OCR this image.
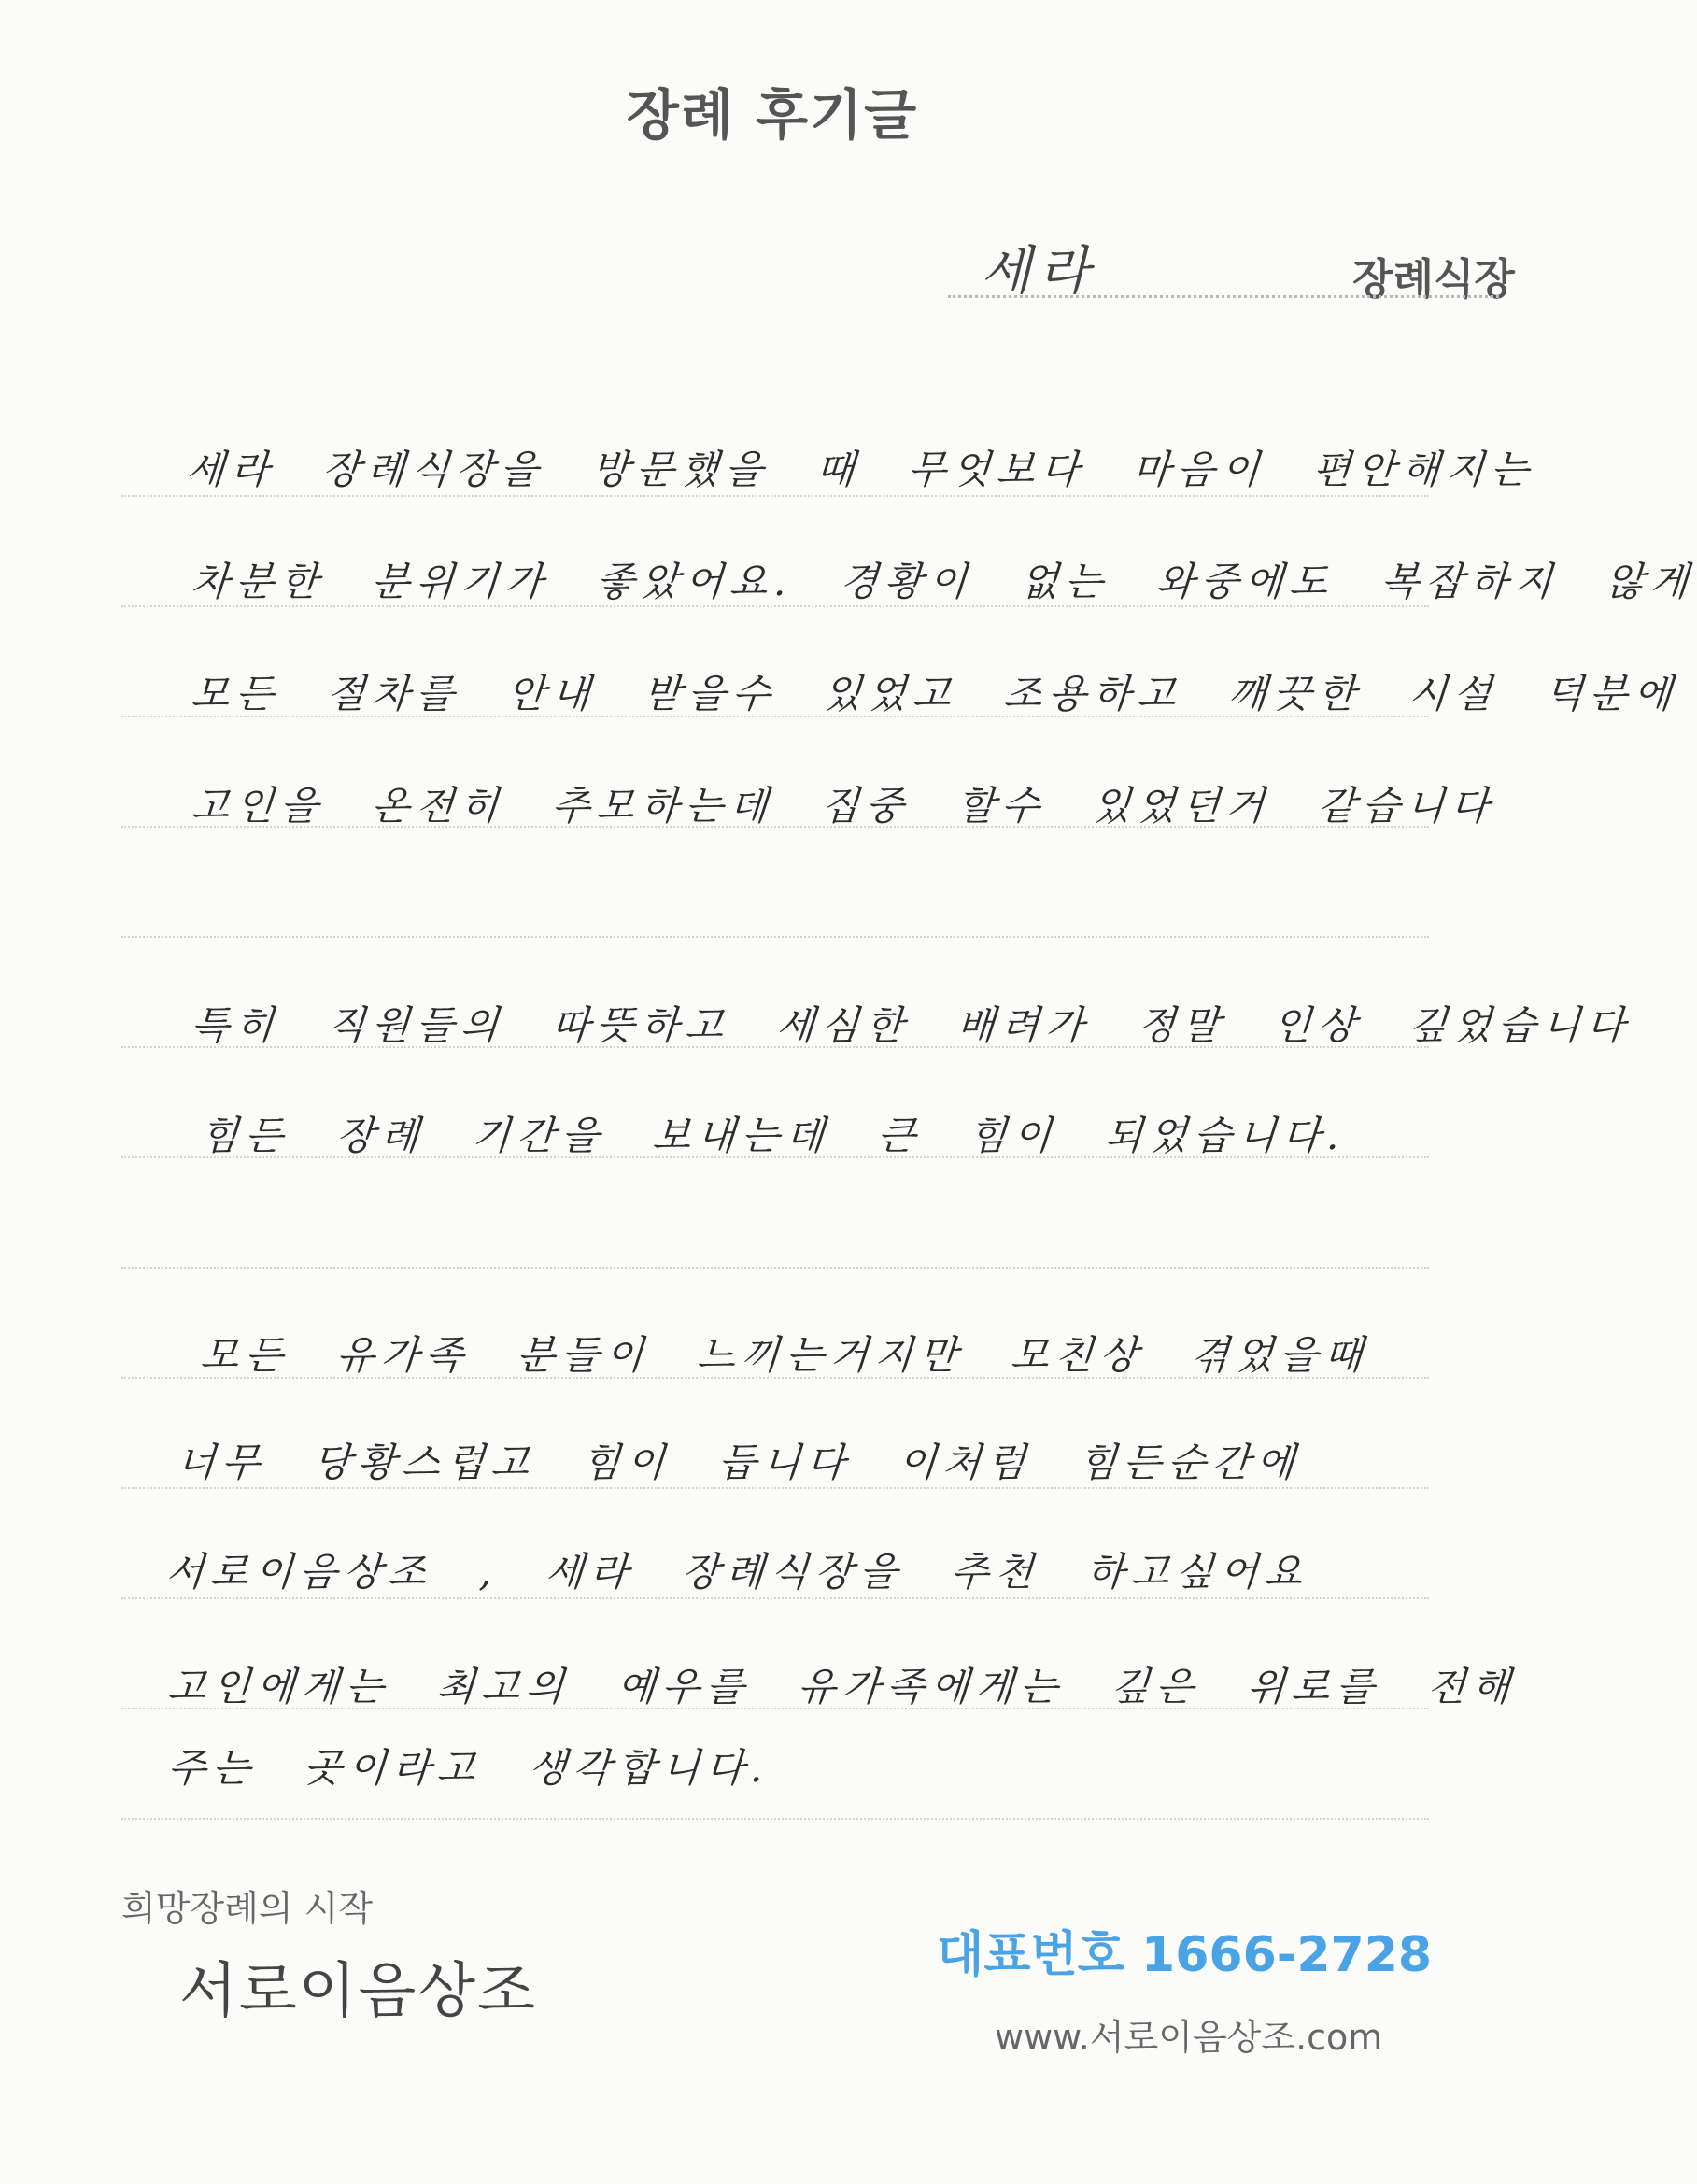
장례 후기글
세라	장례식장
세라 장례식장을 방문했을 때 무엇보다 마음이 편안해지는
차분한 분위기가 좋았어요. 경황이 없는 와중에도 복잡하지 않게
모든 절차를 안내 받을수 있었고 조용하고 깨끗한 시설 덕분에
고인을 온전히 추모하는데 집중 할수 있었던거 같습니다
특히 직원들의 따뜻하고 세심한 배려가 정말 인상 깊었습니다
힘든 장례 기간을 보내는데 큰 힘이 되었습니다.
모든 유가족 분들이 느끼는거지만 모친상 겪었을때
너무 당황스럽고 힘이 듭니다 이처럼 힘든순간에
서로이음상조 , 세라 장례식장을 추천 하고싶어요
고인에게는 최고의 예우를 유가족에게는 깊은 위로를 전해
주는 곳이라고 생각합니다.
희망장례의 시작
서로이음상조
대표번호 1666-2728
www.서로이음상조.com
